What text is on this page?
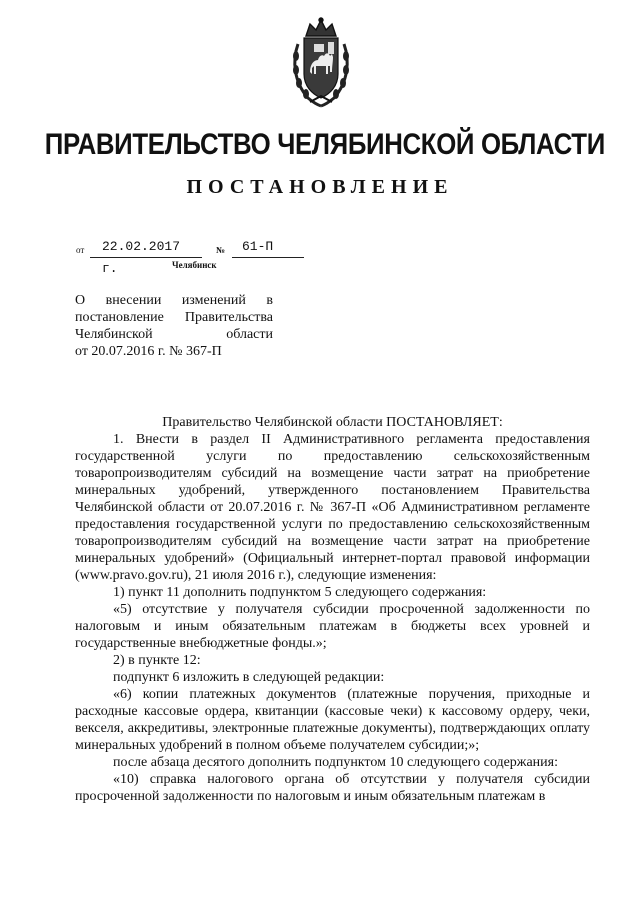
ПРАВИТЕЛЬСТВО ЧЕЛЯБИНСКОЙ ОБЛАСТИ
ПОСТАНОВЛЕНИЕ
от	22.02.2017 г.
№	61-П
Челябинск
О внесении изменений в
постановление Правительства
Челябинской области
от 20.07.2016 г. № 367-П

Правительство Челябинской области ПОСТАНОВЛЯЕТ:

1. Внести в раздел II Административного регламента предоставления государственной услуги по предоставлению сельскохозяйственным товаропроизводителям субсидий на возмещение части затрат на приобретение минеральных удобрений, утвержденного постановлением Правительства Челябинской области от 20.07.2016 г. № 367-П «Об Административном регламенте предоставления государственной услуги по предоставлению сельскохозяйственным товаропроизводителям субсидий на возмещение части затрат на приобретение минеральных удобрений» (Официальный интернет-портал правовой информации (www.pravo.gov.ru), 21 июля 2016 г.), следующие изменения:

1) пункт 11 дополнить подпунктом 5 следующего содержания:

«5) отсутствие у получателя субсидии просроченной задолженности по налоговым и иным обязательным платежам в бюджеты всех уровней и государственные внебюджетные фонды.»;

2) в пункте 12:

подпункт 6 изложить в следующей редакции:

«6) копии платежных документов (платежные поручения, приходные и расходные кассовые ордера, квитанции (кассовые чеки) к кассовому ордеру, чеки, векселя, аккредитивы, электронные платежные документы), подтверждающих оплату минеральных удобрений в полном объеме получателем субсидии;»;

после абзаца десятого дополнить подпунктом 10 следующего содержания:

«10) справка налогового органа об отсутствии у получателя субсидии просроченной задолженности по налоговым и иным обязательным платежам в
